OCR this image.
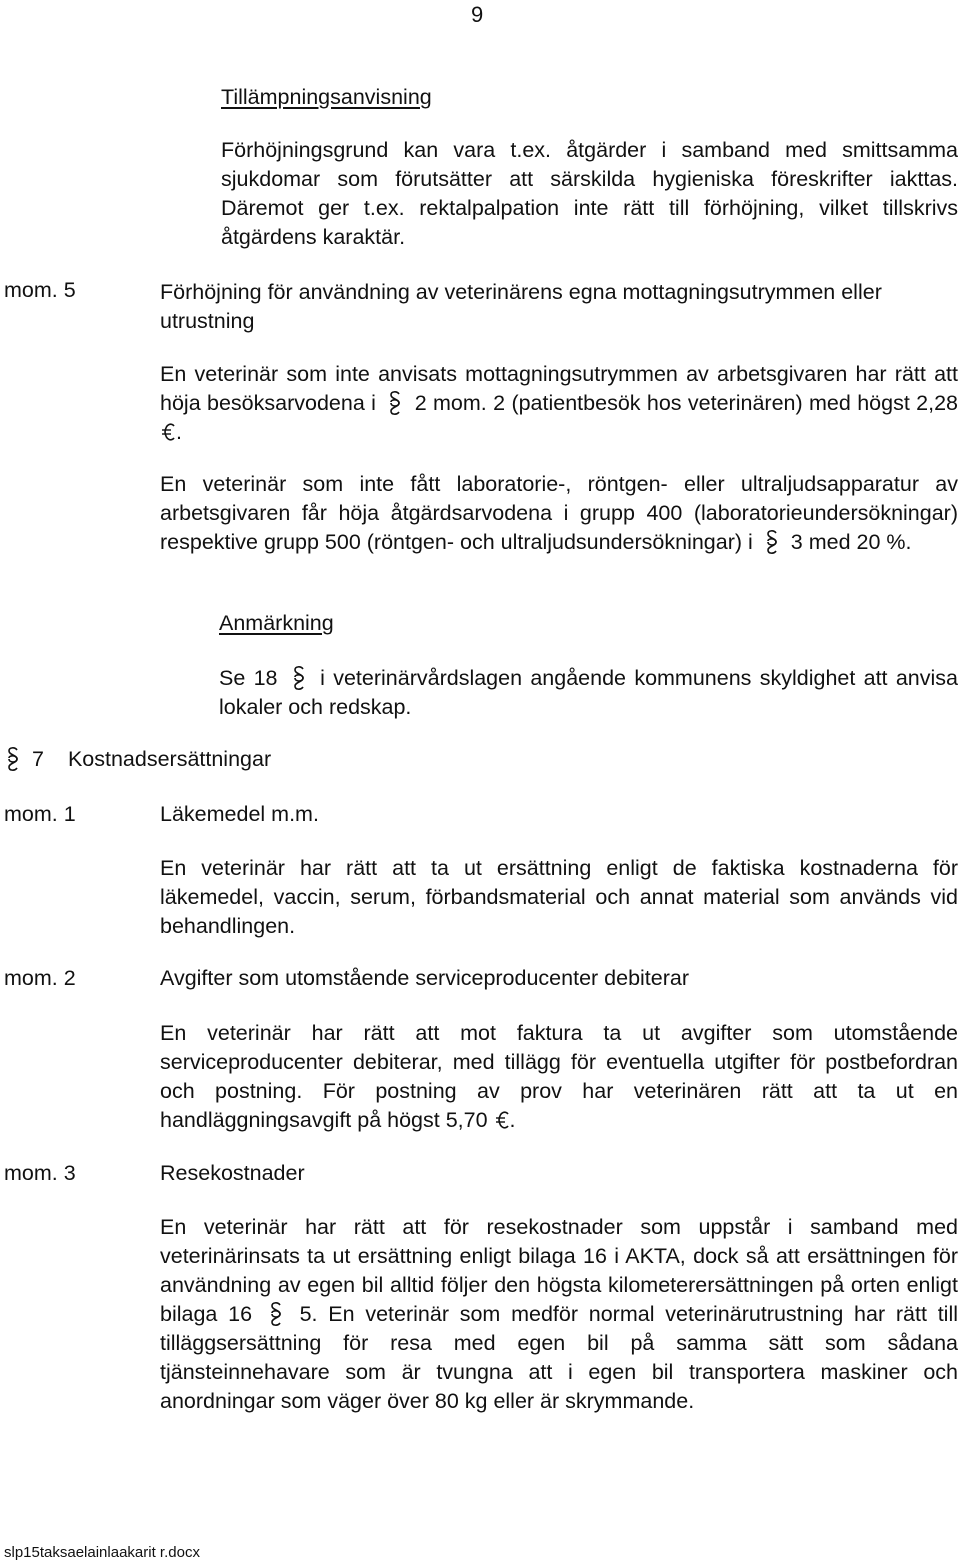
9
Tillämpningsanvisning

Förhöjningsgrund kan vara t.ex. åtgärder i samband med smittsamma sjukdomar som förutsätter att särskilda hygieniska föreskrifter iakttas. Däremot ger t.ex. rektalpalpation inte rätt till förhöjning, vilket tillskrivs åtgärdens karaktär.

mom. 5	Förhöjning för användning av veterinärens egna mottagningsutrymmen eller utrustning

En veterinär som inte anvisats mottagningsutrymmen av arbetsgivaren har rätt att höja besöksarvodena i 2 mom. 2 (patientbesök hos veterinären) med högst 2,28 .

En veterinär som inte fått laboratorie-, röntgen- eller ultraljudsapparatur av arbetsgivaren får höja åtgärdsarvodena i grupp 400 (laboratorieundersökningar) respektive grupp 500 (röntgen- och ultraljudsundersökningar) i 3 med 20 %.

Anmärkning

Se 18 i veterinärvårdslagen angående kommunens skyldighet att anvisa lokaler och redskap.

7 Kostnadsersättningar
mom. 1	Läkemedel m.m.

En veterinär har rätt att ta ut ersättning enligt de faktiska kostnaderna för läkemedel, vaccin, serum, förbandsmaterial och annat material som används vid behandlingen.

mom. 2	Avgifter som utomstående serviceproducenter debiterar

En veterinär har rätt att mot faktura ta ut avgifter som utomstående serviceproducenter debiterar, med tillägg för eventuella utgifter för postbefordran och postning. För postning av prov har veterinären rätt att ta ut en handläggningsavgift på högst 5,70 .

mom. 3	Resekostnader

En veterinär har rätt att för resekostnader som uppstår i samband med veterinärinsats ta ut ersättning enligt bilaga 16 i AKTA, dock så att ersättningen för användning av egen bil alltid följer den högsta kilometerersättningen på orten enligt bilaga 16 5. En veterinär som medför normal veterinärutrustning har rätt till tilläggsersättning för resa med egen bil på samma sätt som sådana tjänsteinnehavare som är tvungna att i egen bil transportera maskiner och anordningar som väger över 80 kg eller är skrymmande.

slp15taksaelainlaakarit r.docx
